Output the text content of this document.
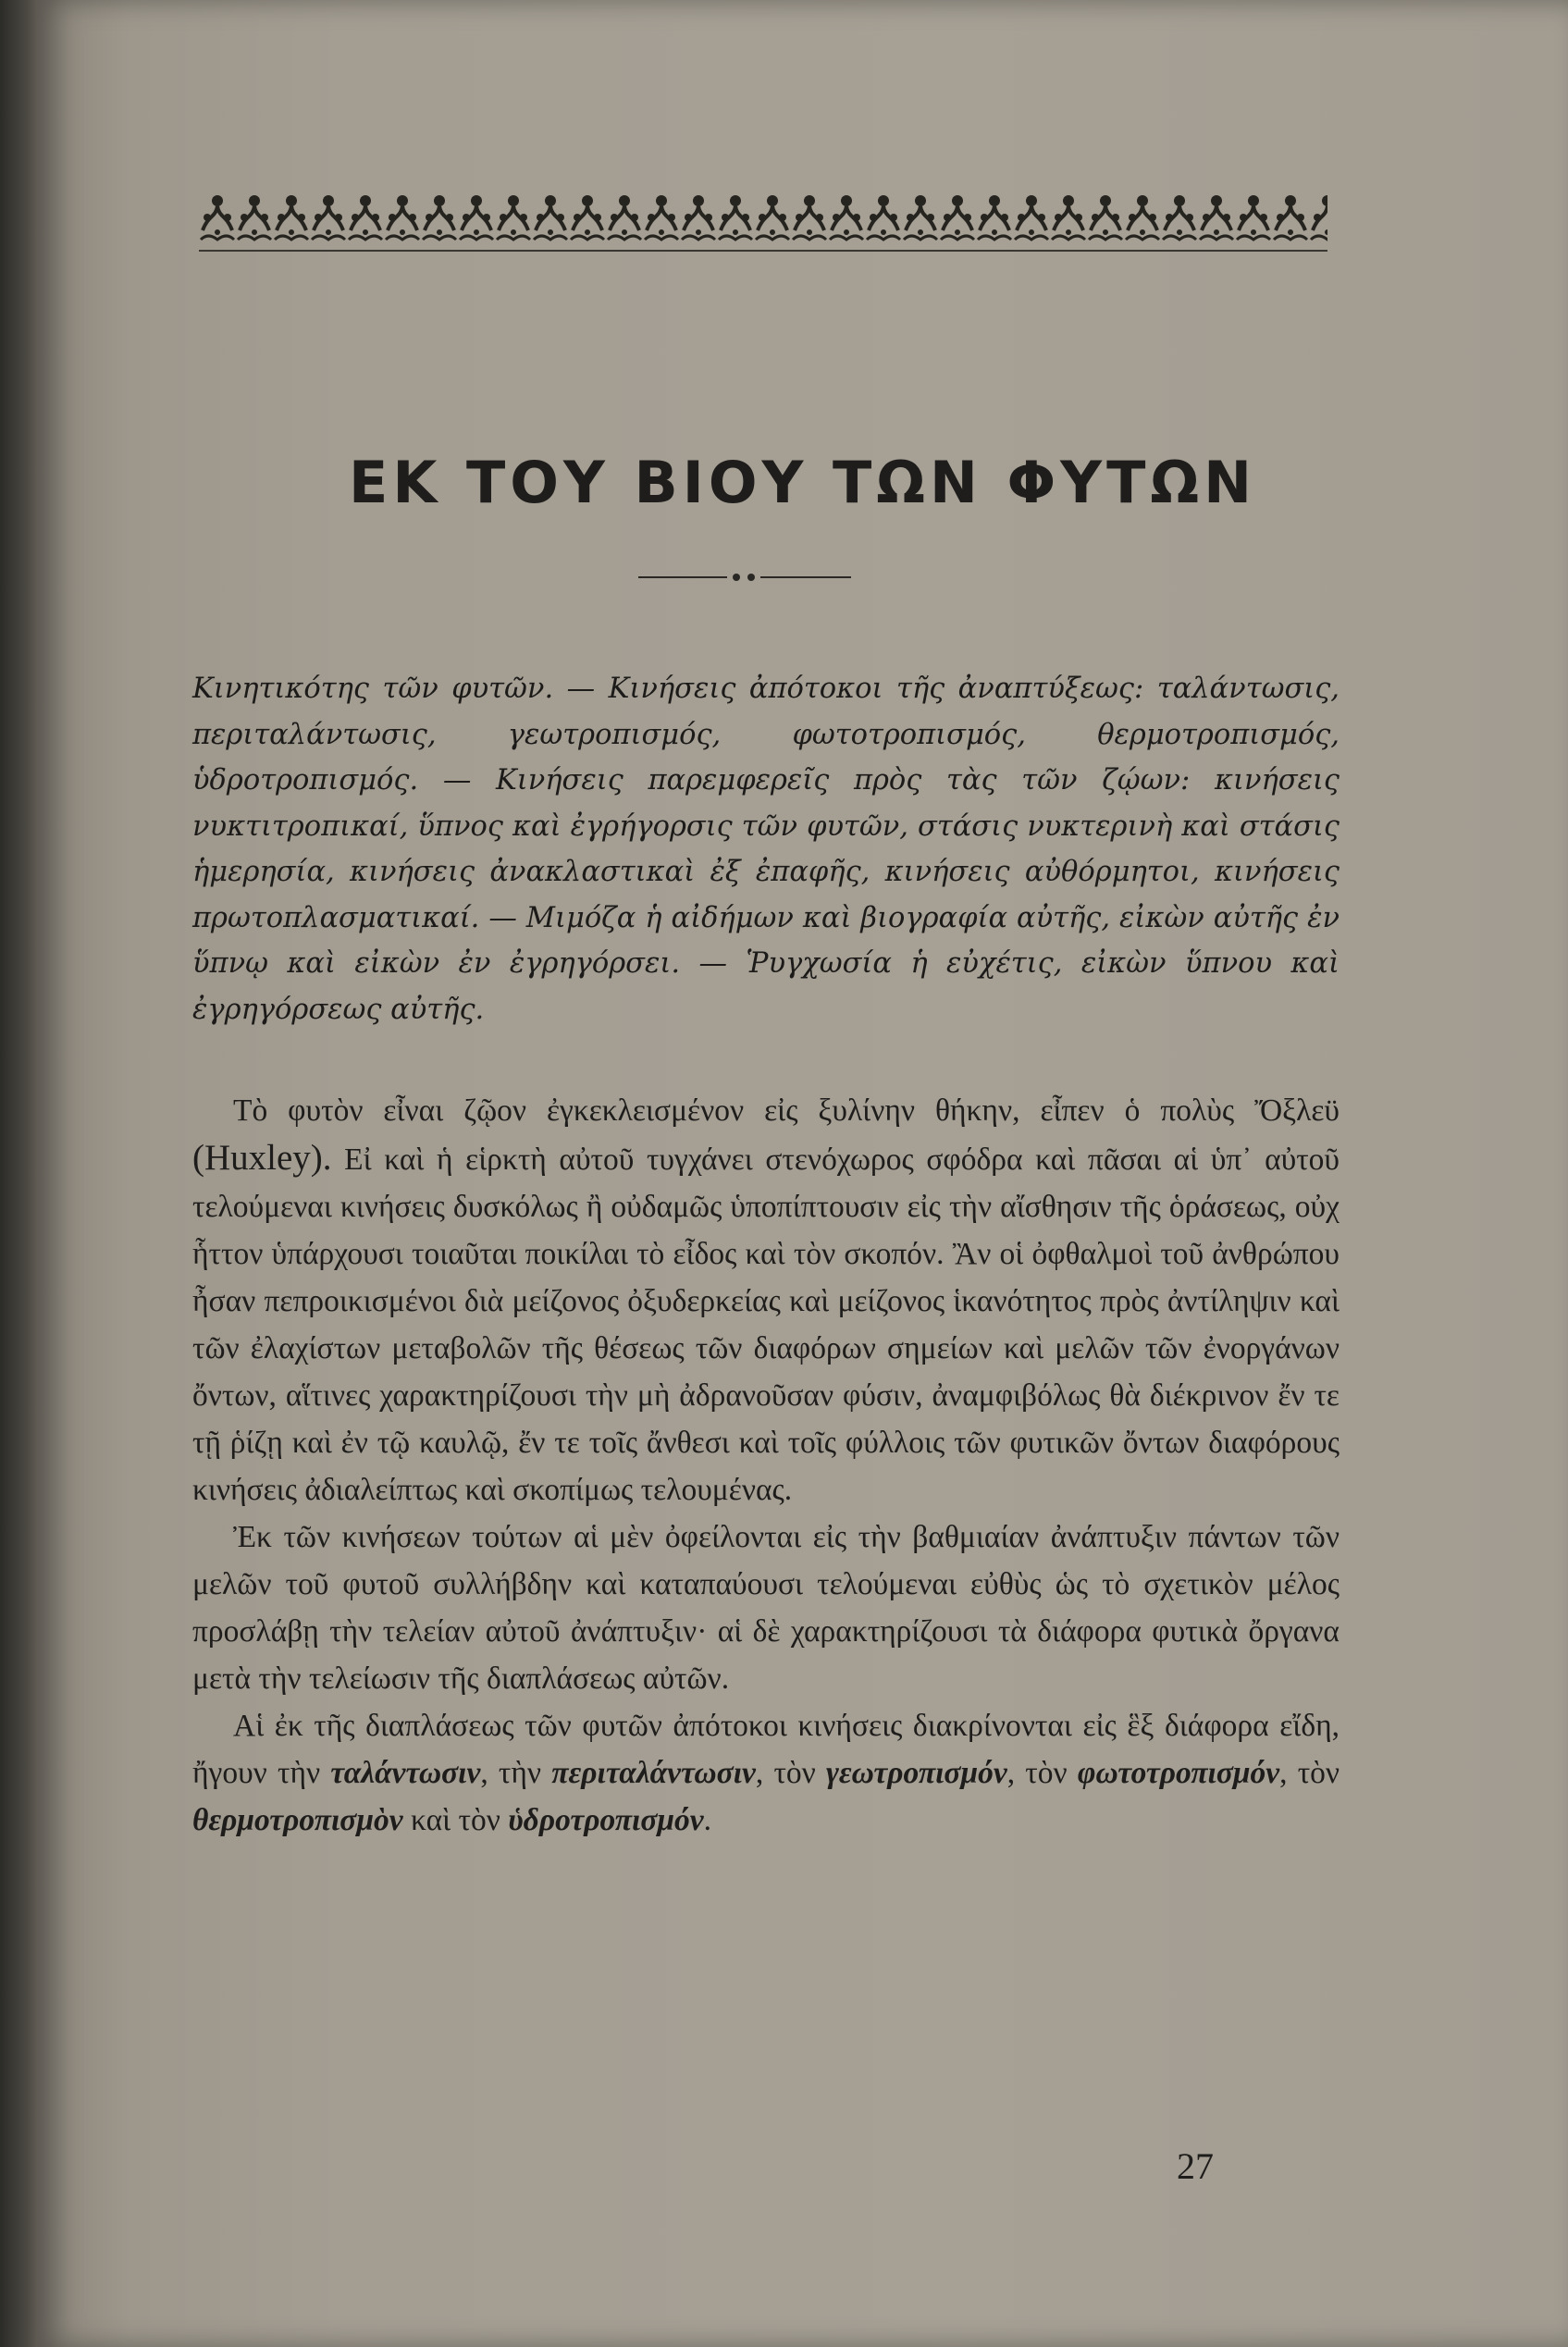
ΕΚ ΤΟΥ ΒΙΟΥ ΤΩΝ ΦΥΤΩΝ

Κινητικότης τῶν φυτῶν. — Κινήσεις ἀπότοκοι τῆς ἀναπτύξεως: ταλάντωσις, περιταλάντωσις, γεωτροπισμός, φωτοτροπισμός, θερμοτροπισμός, ὑδροτροπισμός. — Κινήσεις παρεμφερεῖς πρὸς τὰς τῶν ζῴων: κινήσεις νυκτιτροπικαί, ὕπνος καὶ ἐγρήγορσις τῶν φυτῶν, στάσις νυκτερινὴ καὶ στάσις ἡμερησία, κινήσεις ἀνακλαστικαὶ ἐξ ἐπαφῆς, κινήσεις αὐθόρμητοι, κινήσεις πρωτοπλασματικαί. — Μιμόζα ἡ αἰδήμων καὶ βιογραφία αὐτῆς, εἰκὼν αὐτῆς ἐν ὕπνῳ καὶ εἰκὼν ἐν ἐγρηγόρσει. — Ῥυγχωσία ἡ εὐχέτις, εἰκὼν ὕπνου καὶ ἐγρηγόρσεως αὐτῆς.

Τὸ φυτὸν εἶναι ζῷον ἐγκεκλεισμένον εἰς ξυλίνην θήκην, εἶπεν ὁ πολὺς Ὄξλεϋ (Huxley). Εἰ καὶ ἡ εἱρκτὴ αὐτοῦ τυγχάνει στενόχωρος σφόδρα καὶ πᾶσαι αἱ ὑπ᾽ αὐτοῦ τελούμεναι κινήσεις δυσκόλως ἢ οὐδαμῶς ὑποπίπτουσιν εἰς τὴν αἴσθησιν τῆς ὁράσεως, οὐχ ἧττον ὑπάρχουσι τοιαῦται ποικίλαι τὸ εἶδος καὶ τὸν σκοπόν. Ἂν οἱ ὀφθαλμοὶ τοῦ ἀνθρώπου ἦσαν πεπροικισμένοι διὰ μείζονος ὀξυδερκείας καὶ μείζονος ἱκανότητος πρὸς ἀντίληψιν καὶ τῶν ἐλαχίστων μεταβολῶν τῆς θέσεως τῶν διαφόρων σημείων καὶ μελῶν τῶν ἐνοργάνων ὄντων, αἵτινες χαρακτηρίζουσι τὴν μὴ ἀδρανοῦσαν φύσιν, ἀναμφιβόλως θὰ διέκρινον ἔν τε τῇ ῥίζῃ καὶ ἐν τῷ καυλῷ, ἔν τε τοῖς ἄνθεσι καὶ τοῖς φύλλοις τῶν φυτικῶν ὄντων διαφόρους κινήσεις ἀδιαλείπτως καὶ σκοπίμως τελουμένας.

Ἐκ τῶν κινήσεων τούτων αἱ μὲν ὀφείλονται εἰς τὴν βαθμιαίαν ἀνάπτυξιν πάντων τῶν μελῶν τοῦ φυτοῦ συλλήβδην καὶ καταπαύουσι τελούμεναι εὐθὺς ὡς τὸ σχετικὸν μέλος προσλάβῃ τὴν τελείαν αὐτοῦ ἀνάπτυξιν· αἱ δὲ χαρακτηρίζουσι τὰ διάφορα φυτικὰ ὄργανα μετὰ τὴν τελείωσιν τῆς διαπλάσεως αὐτῶν.

Αἱ ἐκ τῆς διαπλάσεως τῶν φυτῶν ἀπότοκοι κινήσεις διακρίνονται εἰς ἓξ διάφορα εἴδη, ἤγουν τὴν ταλάντωσιν, τὴν περιταλάντωσιν, τὸν γεωτροπισμόν, τὸν φωτοτροπισμόν, τὸν θερμοτροπισμὸν καὶ τὸν ὑδροτροπισμόν.

27
